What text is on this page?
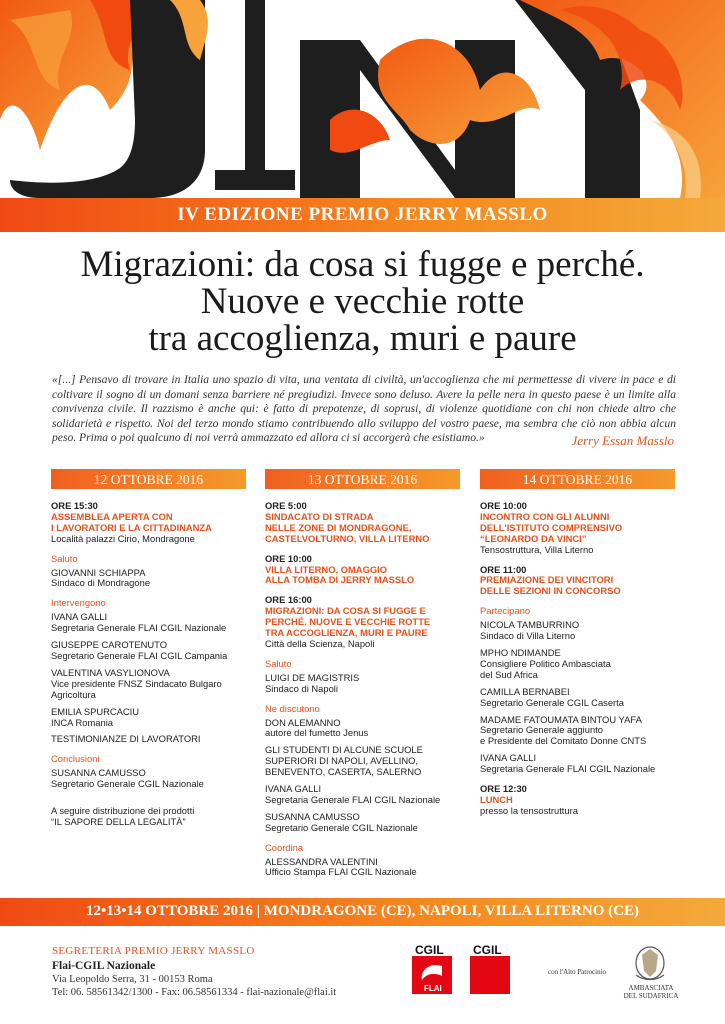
IV EDIZIONE PREMIO JERRY MASSLO
Migrazioni: da cosa si fugge e perché.
Nuove e vecchie rotte
tra accoglienza, muri e paure
«[...] Pensavo di trovare in Italia uno spazio di vita, una ventata di civiltà, un'accoglienza che mi permettesse di vivere in pace e di coltivare il sogno di un domani senza barriere né pregiudizi. Invece sono deluso. Avere la pelle nera in questo paese è un limite alla convivenza civile. Il razzismo è anche qui: è fatto di prepotenze, di soprusi, di violenze quotidiane con chi non chiede altro che solidarietà e rispetto. Noi del terzo mondo stiamo contribuendo allo sviluppo del vostro paese, ma sembra che ciò non abbia alcun peso. Prima o poi qualcuno di noi verrà ammazzato ed allora ci si accorgerà che esistiamo.»	Jerry Essan Masslo
12 OTTOBRE 2016

ORE 15:30

ASSEMBLEA APERTA CON

I LAVORATORI E LA CITTADINANZA

Località palazzi Cirio, Mondragone

Saluto

GIOVANNI SCHIAPPA

Sindaco di Mondragone

Intervengono

IVANA GALLI

Segretaria Generale FLAI CGIL Nazionale

GIUSEPPE CAROTENUTO

Segretario Generale FLAI CGIL Campania

VALENTINA VASYLIONOVA

Vice presidente FNSZ Sindacato Bulgaro

Agricoltura

EMILIA SPURCACIU

INCA Romania

TESTIMONIANZE DI LAVORATORI

Conclusioni

SUSANNA CAMUSSO

Segretario Generale CGIL Nazionale

A seguire distribuzione dei prodotti

“IL SAPORE DELLA LEGALITÀ”

13 OTTOBRE 2016

ORE 5:00

SINDACATO DI STRADA

NELLE ZONE DI MONDRAGONE,

CASTELVOLTURNO, VILLA LITERNO

ORE 10:00

VILLA LITERNO, OMAGGIO

ALLA TOMBA DI JERRY MASSLO

ORE 16:00

MIGRAZIONI: DA COSA SI FUGGE E

PERCHÉ. NUOVE E VECCHIE ROTTE

TRA ACCOGLIENZA, MURI E PAURE

Città della Scienza, Napoli

Saluto

LUIGI DE MAGISTRIS

Sindaco di Napoli

Ne discutono

DON ALEMANNO

autore del fumetto Jenus

GLI STUDENTI DI ALCUNE SCUOLE

SUPERIORI DI NAPOLI, AVELLINO,

BENEVENTO, CASERTA, SALERNO

IVANA GALLI

Segretaria Generale FLAI CGIL Nazionale

SUSANNA CAMUSSO

Segretario Generale CGIL Nazionale

Coordina

ALESSANDRA VALENTINI

Ufficio Stampa FLAI CGIL Nazionale

14 OTTOBRE 2016

ORE 10:00

INCONTRO CON GLI ALUNNI

DELL'ISTITUTO COMPRENSIVO

“LEONARDO DA VINCI”

Tensostruttura, Villa Literno

ORE 11:00

PREMIAZIONE DEI VINCITORI

DELLE SEZIONI IN CONCORSO

Partecipano

NICOLA TAMBURRINO

Sindaco di Villa Literno

MPHO NDIMANDE

Consigliere Politico Ambasciata

del Sud Africa

CAMILLA BERNABEI

Segretario Generale CGIL Caserta

MADAME FATOUMATA BINTOU YAFA

Segretario Generale aggiunto

e Presidente del Comitato Donne CNTS

IVANA GALLI

Segretaria Generale FLAI CGIL Nazionale

ORE 12:30

LUNCH

presso la tensostruttura

12•13•14 OTTOBRE 2016 | MONDRAGONE (CE), NAPOLI, VILLA LITERNO (CE)
SEGRETERIA PREMIO JERRY MASSLO
Flai-CGIL Nazionale
Via Leopoldo Serra, 31 - 00153 Roma
Tel: 06. 58561342/1300 - Fax: 06.58561334 - flai-nazionale@flai.it
CGIL
FLAI
CGIL
con l'Alto Patrocinio
AMBASCIATA
DEL SUDAFRICA
